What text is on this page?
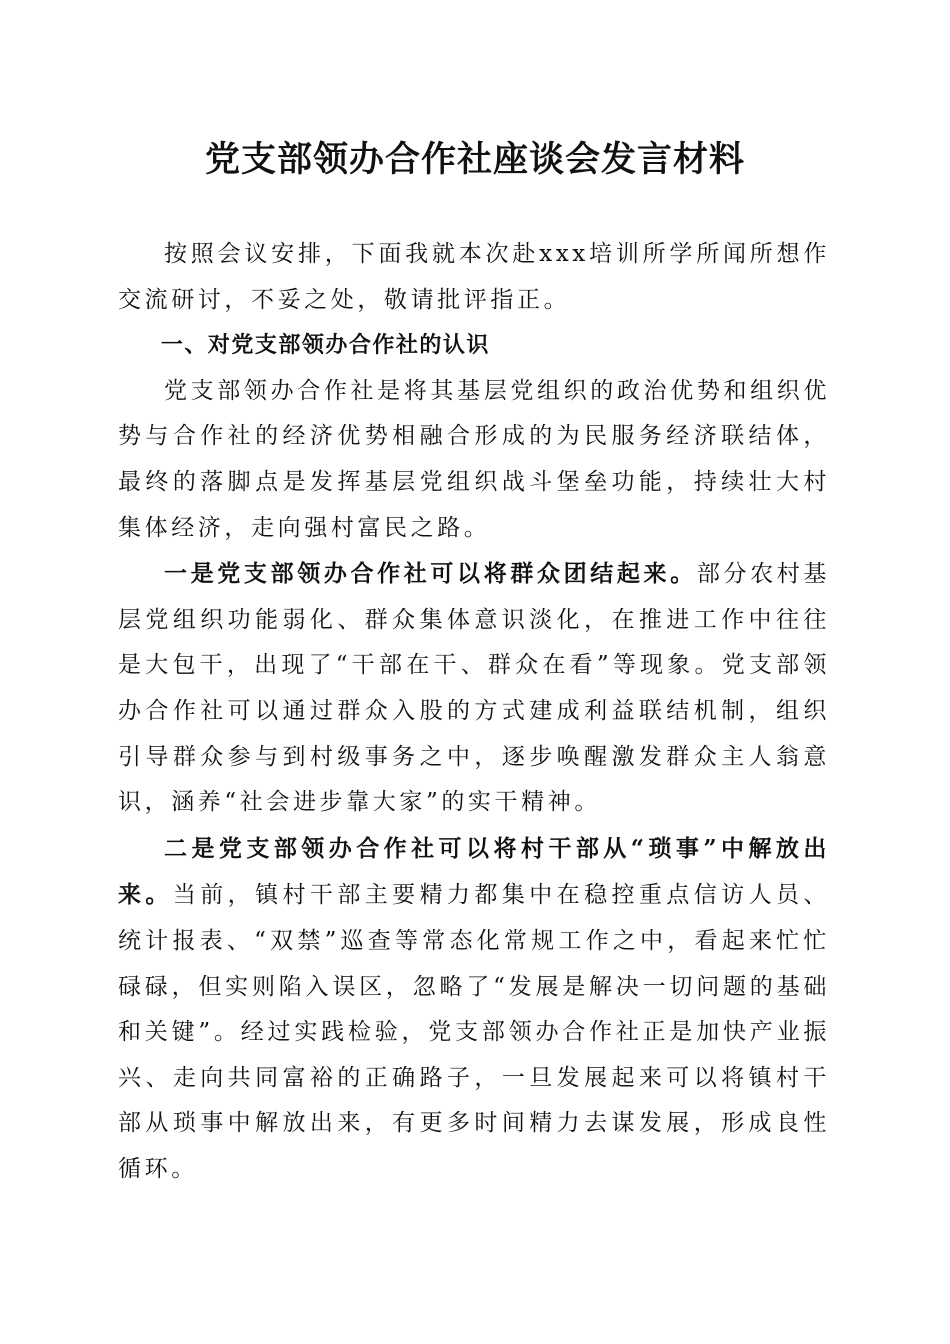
党支部领办合作社座谈会发言材料

按照会议安排，下面我就本次赴xxx培训所学所闻所想作交流研讨，不妥之处，敬请批评指正。

一、对党支部领办合作社的认识

党支部领办合作社是将其基层党组织的政治优势和组织优势与合作社的经济优势相融合形成的为民服务经济联结体，最终的落脚点是发挥基层党组织战斗堡垒功能，持续壮大村集体经济，走向强村富民之路。

一是党支部领办合作社可以将群众团结起来。部分农村基层党组织功能弱化、群众集体意识淡化，在推进工作中往往是大包干，出现了“干部在干、群众在看”等现象。党支部领办合作社可以通过群众入股的方式建成利益联结机制，组织引导群众参与到村级事务之中，逐步唤醒激发群众主人翁意识，涵养“社会进步靠大家”的实干精神。

二是党支部领办合作社可以将村干部从“琐事”中解放出来。当前，镇村干部主要精力都集中在稳控重点信访人员、统计报表、“双禁”巡查等常态化常规工作之中，看起来忙忙碌碌，但实则陷入误区，忽略了“发展是解决一切问题的基础和关键”。经过实践检验，党支部领办合作社正是加快产业振兴、走向共同富裕的正确路子，一旦发展起来可以将镇村干部从琐事中解放出来，有更多时间精力去谋发展，形成良性循环。
